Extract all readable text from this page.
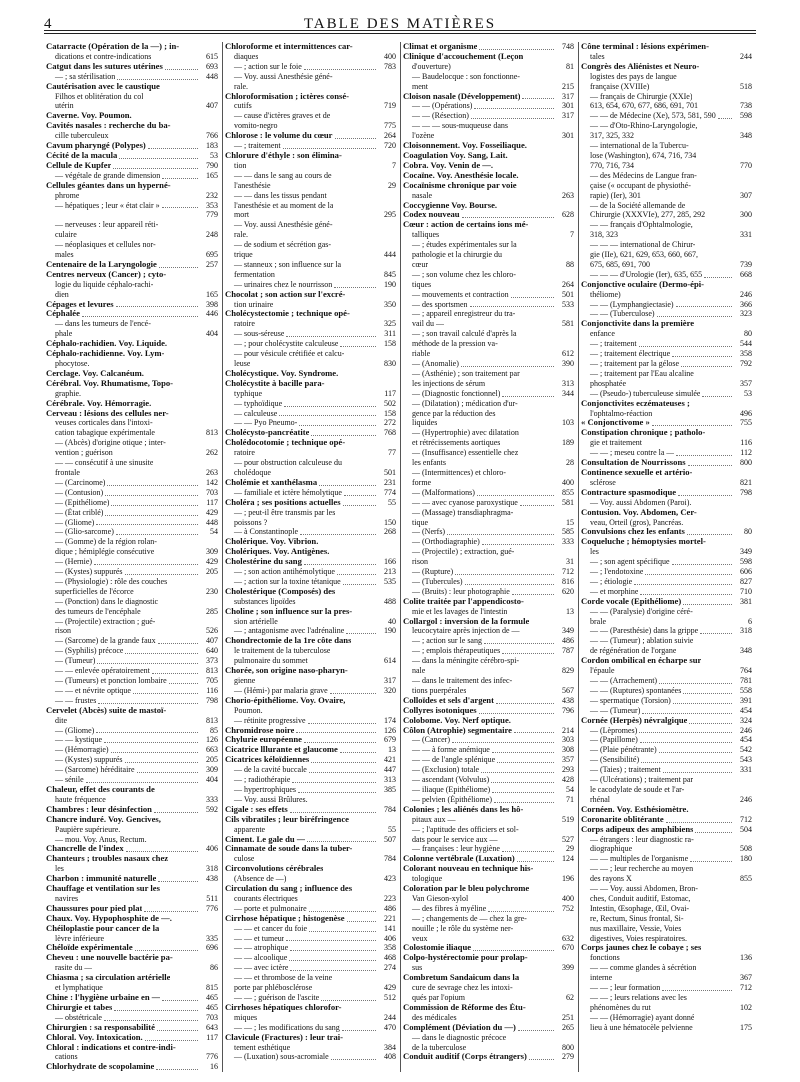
4	TABLE DES MATIÈRES
Catarracte (Opération de la —) ; in-
dications et contre-indications	615
Catgut dans les sutures utérines	693
— ; sa stérilisation	448
Cautérisation avec le caustique
Filhos et oblitération du col
utérin	407
Caverne. Voy. Poumon.
Cavités nasales : recherche du ba-
cille tuberculeux	766
Cavum pharyngé (Polypes)	183
Cécité de la macula	53
Cellule de Kupfer	790
— végétale de grande dimension	165
Cellules géantes dans un hyperné-
phrome	232
— hépatiques ; leur « état clair »	353
779
— nerveuses : leur appareil réti-
culaire	248
— néoplasiques et cellules nor-
males	695
Centenaire de la Laryngologie	257
Centres nerveux (Cancer) ; cyto-
logie du liquide céphalo-rachi-
dien	165
Cépages et levures	398
Céphalée	446
— dans les tumeurs de l'encé-
phale	404
Céphalo-rachidien. Voy. Liquide.
Céphalo-rachidienne. Voy. Lym-
phocytose.
Cerclage. Voy. Calcanéum.
Cérébral. Voy. Rhumatisme, Topo-
graphie.
Cérébrale. Voy. Hémorragie.
Cerveau : lésions des cellules ner-
veuses corticales dans l'intoxi-
cation tabagique expérimentale	813
— (Abcès) d'origine otique ; inter-
vention ; guérison	262
— — consécutif à une sinusite
frontale	263
— (Carcinome)	142
— (Contusion)	703
— (Epithéliome)	117
— (État criblé)	429
— (Gliome)	448
— (Glio-sarcome)	54
— (Gomme) de la région rolan-
dique ; hémiplégie consécutive	309
— (Hernie)	429
— (Kystes) suppurés	205
— (Physiologie) : rôle des couches
superficielles de l'écorce	230
— (Ponction) dans le diagnostic
des tumeurs de l'encéphale	285
— (Projectile) extraction ; gué-
rison	526
— (Sarcome) de la grande faux	407
— (Syphilis) précoce	640
— (Tumeur)	373
— — enlevée opératoirement	813
— (Tumeurs) et ponction lombaire	705
— — et névrite optique	116
— — frustes	798
Cervelet (Abcès) suite de mastoï-
dite	813
— (Gliome)	85
— — kystique	126
— (Hémorragie)	663
— (Kystes) suppurés	205
— (Sarcome) héréditaire	309
— sénile	404
Chaleur, effet des courants de
haute fréquence	333
Chambres : leur désinfection	592
Chancre induré. Voy. Gencives,
Paupière supérieure.
— mou. Voy. Anus, Rectum.
Chancrelle de l'index	406
Chanteurs ; troubles nasaux chez
les	318
Charbon : immunité naturelle	438
Chauffage et ventilation sur les
navires	511
Chaussures pour pied plat	776
Chaux. Voy. Hypophosphite de —.
Chéiloplastie pour cancer de la
lèvre inférieure	335
Chéloïde expérimentale	696
Cheveu : une nouvelle bactérie pa-
rasite du —	86
Chiasma ; sa circulation artérielle
et lymphatique	815
Chine : l'hygiène urbaine en —	465
Chirurgie et tabes	465
— obstétricale	703
Chirurgien : sa responsabilité	643
Chloral. Voy. Intoxication.	117
Chloral : indications et contre-indi-
cations	776
Chlorhydrate de scopolamine	16
Chloroforme et intermittences car-
diaques	400
— ; action sur le foie	783
— Voy. aussi Anesthésie géné-
rale.
Chloroformisation ; ictères consé-
cutifs	719
— cause d'ictères graves et de
vomito-negro	775
Chlorose : le volume du cœur	264
— ; traitement	720
Chlorure d'éthyle : son élimina-
tion	7
— — dans le sang au cours de
l'anesthésie	29
— — dans les tissus pendant
l'anesthésie et au moment de la
mort	295
— Voy. aussi Anesthésie géné-
rale.
— de sodium et sécrétion gas-
trique	444
— stanneux ; son influence sur la
fermentation	845
— urinaires chez le nourrisson	190
Chocolat ; son action sur l'excré-
tion urinaire	350
Cholécystectomie ; technique opé-
ratoire	325
— sous-séreuse	311
— ; pour cholécystite calculeuse	158
— pour vésicule crétifiée et calcu-
leuse	830
Cholécystique. Voy. Syndrome.
Cholécystite à bacille para-
typhique	117
— typhoïdique	502
— calculeuse	158
— — Pyo Pneumo-	272
Cholécysto-pancréatite	768
Cholédocotomie ; technique opé-
ratoire	77
— pour obstruction calculeuse du
cholédoque	501
Cholémie et xanthélasma	231
— familiale et ictère hémolytique	774
Choléra ; ses positions actuelles	55
— ; peut-il être transmis par les
poissons ?	150
— à Constantinople	268
Cholérique. Voy. Vibrion.
Cholériques. Voy. Antigènes.
Cholestérine du sang	166
— ; son action antihémolytique	213
— ; action sur la toxine tétanique	535
Cholestérique (Composés) des
substances lipoïdes	488
Choline ; son influence sur la pres-
sion artérielle	40
— ; antagonisme avec l'adrénaline	190
Chondrectomie de la 1re côte dans
le traitement de la tuberculose
pulmonaire du sommet	614
Chorée, son origine naso-pharyn-
gienne	317
— (Hémi-) par malaria grave	320
Chorio-épithéliome. Voy. Ovaire,
Poumon.
— rétinite progressive	174
Chromidrose noire	126
Chylurie européenne	679
Cicatrice lllurante et glaucome	13
Cicatrices kéloïdiennes	421
— de la cavité buccale	447
— ; radiothérapie	313
— hypertrophiques	385
— Voy. aussi Brûlures.
Cigale : ses effets	784
Cils vibratiles ; leur biréfringence
apparente	55
Ciment. Le gale du —	507
Cinnamate de soude dans la tuber-
culose	784
Circonvolutions cérébrales
(Absence de —)	423
Circulation du sang ; influence des
courants électriques	223
— porte et pulmonaire	486
Cirrhose hépatique ; histogenèse	221
— — et cancer du foie	141
— — et tumeur	406
— — atrophique	358
— — alcoolique	468
— — avec ictère	274
— — et thrombose de la veine
porte par phlébosclérose	429
— — ; guérison de l'ascite	512
Cirrhoses hépatiques chlorofor-
miques	244
— — ; les modifications du sang	470
Clavicule (Fractures) : leur trai-
tement esthétique	384
— (Luxation) sous-acromiale	408
Climat et organisme	748
Clinique d'accouchement (Leçon
d'ouverture)	81
— Baudelocque : son fonctionne-
ment	215
Cloison nasale (Développement)	317
— — (Opérations)	301
— — (Résection)	317
— — — sous-muqueuse dans
l'ozène	301
Cloisonnement. Voy. Fosseiliaque.
Coagulation Voy. Sang, Lait.
Cobra. Voy. Venin de —.
Cocaïne. Voy. Anesthésie locale.
Cocaïnisme chronique par voie
nasale	263
Coccygienne Voy. Bourse.
Codex nouveau	628
Cœur : action de certains ions mé-
talliques	7
— ; études expérimentales sur la
pathologie et la chirurgie du
cœur	88
— ; son volume chez les chloro-
tiques	264
— mouvements et contraction	501
— des sportsmen	533
— ; appareil enregistreur du tra-
vail du —	581
— ; son travail calculé d'après la
méthode de la pression va-
riable	612
— (Anomalie)	390
— (Asthénie) ; son traitement par
les injections de sérum	313
— (Diagnostic fonctionnel)	344
— (Dilatation) ; médication d'ur-
gence par la réduction des
liquides	103
— (Hypertrophie) avec dilatation
et rétrécissements aortiques	189
— (Insuffisance) essentielle chez
les enfants	28
— (Intermittences) et chloro-
forme	400
— (Malformations)	855
— — avec cyanose paroxystique	581
— (Massage) transdiaphragma-
tique	15
— (Nerfs)	585
— (Orthodiagraphie)	333
— (Projectile) ; extraction, gué-
rison	31
— (Rupture)	712
— (Tubercules)	816
— (Bruits) : leur photographie	620
Colite traitée par l'appendicosto-
mie et les lavages de l'intestin	13
Collargol : inversion de la formule
leucocytaire après injection de —	349
— ; action sur le sang	486
— ; emplois thérapeutiques	787
— dans la méningite cérébro-spi-
nale	829
— dans le traitement des infec-
tions puerpérales	567
Colloïdes et sels d'argent	438
Collyres isotoniques	796
Colobome. Voy. Nerf optique.
Côlon (Atrophie) segmentaire	214
— (Cancer)	303
— — à forme anémique	308
— — de l'angle splénique	357
— (Exclusion) totale	293
— ascendant (Volvulus)	428
— iliaque (Epithéliome)	54
— pelvien (Épithéliome)	71
Colonies ; les aliénés dans les hô-
pitaux aux —	519
— ; l'aptitude des officiers et sol-
dats pour le service aux —	527
— françaises : leur hygiène	29
Colonne vertébrale (Luxation)	124
Colorant nouveau en technique his-
tologique	196
Coloration par le bleu polychrome
Van Gieson-xylol	400
— des fibres à myéline	752
— ; changements de — chez la gre-
nouille ; le rôle du système ner-
veux	632
Colostomie iliaque	670
Colpo-hystérectomie pour prolap-
sus	399
Combretum Sandaicum dans la
cure de sevrage chez les intoxi-
qués par l'opium	62
Commission de Réforme des Étu-
des médicales	251
Complément (Déviation du —)	265
— dans le diagnostic précoce
de la tuberculose	800
Conduit auditif (Corps étrangers)	279
Cône terminal : lésions expérimen-
tales	244
Congrès des Aliénistes et Neuro-
logistes des pays de langue
française (XVIIIe)	518
— français de Chirurgie (XXIe)
613, 654, 670, 677, 686, 691, 701	738
— — de Médecine (Xe), 573, 581, 590	598
— — d'Oto-Rhino-Laryngologie,
317, 325, 332	348
— international de la Tubercu-
lose (Washington), 674, 716, 734
770, 716, 734	770
— des Médecins de Langue fran-
çaise (« occupant de physiothé-
rapie) (Ier), 301	307
— de la Société allemande de
Chirurgie (XXXVIe), 277, 285, 292	300
— — français d'Ophtalmologie,
318, 323	331
— — — international de Chirur-
gie (IIe), 621, 629, 653, 660, 667,
675, 685, 691, 700	739
— — — d'Urologie (Ier), 635, 655	668
Conjonctive oculaire (Dermo-épi-
théliome)	246
— — (Lymphangiectasie)	366
— — (Tuberculose)	323
Conjonctivite dans la première
enfance	80
— ; traitement	544
— ; traitement électrique	358
— ; traitement par la gélose	792
— ; traitement par l'Eau alcaline
phosphatée	357
— (Pseudo-) tuberculeuse simulée	53
Conjonctivites eczémateuses ;
l'ophtalmo-réaction	496
« Conjonctivome »	755
Constipation chronique ; patholo-
gie et traitement	116
— — ; meseu contre la —	112
Consultation de Nourrissons	800
Continence sexuelle et artério-
sclérose	821
Contracture spasmodique	798
— Voy. aussi Abdomen (Paroi).
Contusion. Voy. Abdomen, Cer-
veau, Orteil (gros), Pancréas.
Convulsions chez les enfants	80
Coqueluche ; hémoptysies mortel-
les	349
— ; son agent spécifique	598
— ; l'endotoxine	606
— ; étiologie	827
— et morphine	710
Corde vocale (Epithéliome)	381
— — (Paralysie) d'origine céré-
brale	6
— — (Paresthésie) dans la grippe	318
— — (Tumeur) ; ablation suivie
de régénération de l'organe	348
Cordon ombilical en écharpe sur
l'épaule	764
— — (Arrachement)	781
— — (Ruptures) spontanées	558
— spermatique (Torsion)	391
— — (Tumeur)	454
Cornée (Herpès) névralgique	324
— (Lèpromes)	246
— (Papillome)	454
— (Plaie pénétrante)	542
— (Sensibilité)	543
— (Taies) ; traitement	331
— (Ulcérations) ; traitement par
le cacodylate de soude et l'ar-
rhénal	246
Cornéen. Voy. Esthésiomètre.
Coronarite oblitérante	712
Corps adipeux des amphibiens	504
— étrangers : leur diagnostic ra-
diographique	508
— — multiples de l'organisme	180
— — ; leur recherche au moyen
des rayons X	855
— — Voy. aussi Abdomen, Bron-
ches, Conduit auditif, Estomac,
Intestin, Œsophage, Œil, Ovai-
re, Rectum, Sinus frontal, Si-
nus maxillaire, Vessie, Voies
digestives, Voies respiratoires.
Corps jaunes chez le cobaye ; ses
fonctions	136
— — comme glandes à sécrétion
interne	367
— — ; leur formation	712
— — ; leurs relations avec les
phénomènes du rut	102
— — (Hémorragie) ayant donné
lieu à une hématocèle pelvienne	175
